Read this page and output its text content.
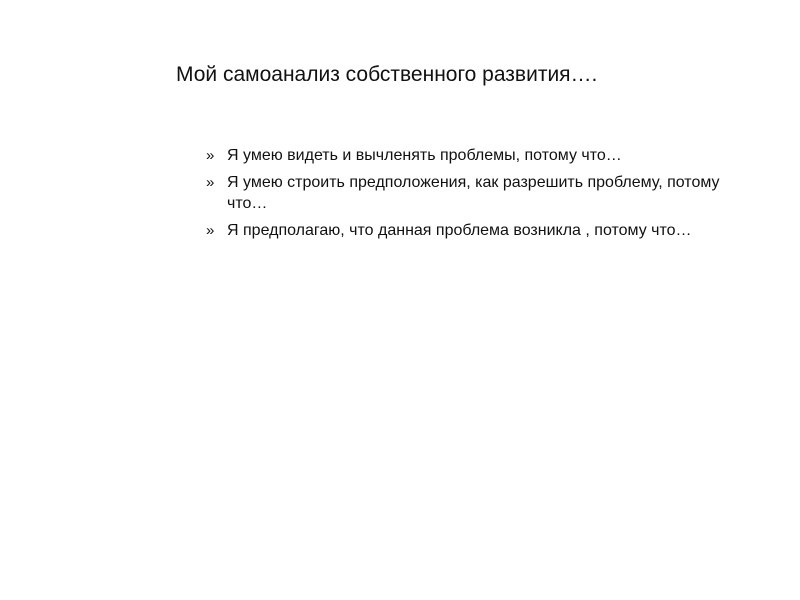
Мой самоанализ собственного развития….
» Я умею видеть и вычленять проблемы, потому что…
» Я умею строить предположения, как разрешить проблему, потому что…
» Я предполагаю, что данная проблема возникла , потому что…
